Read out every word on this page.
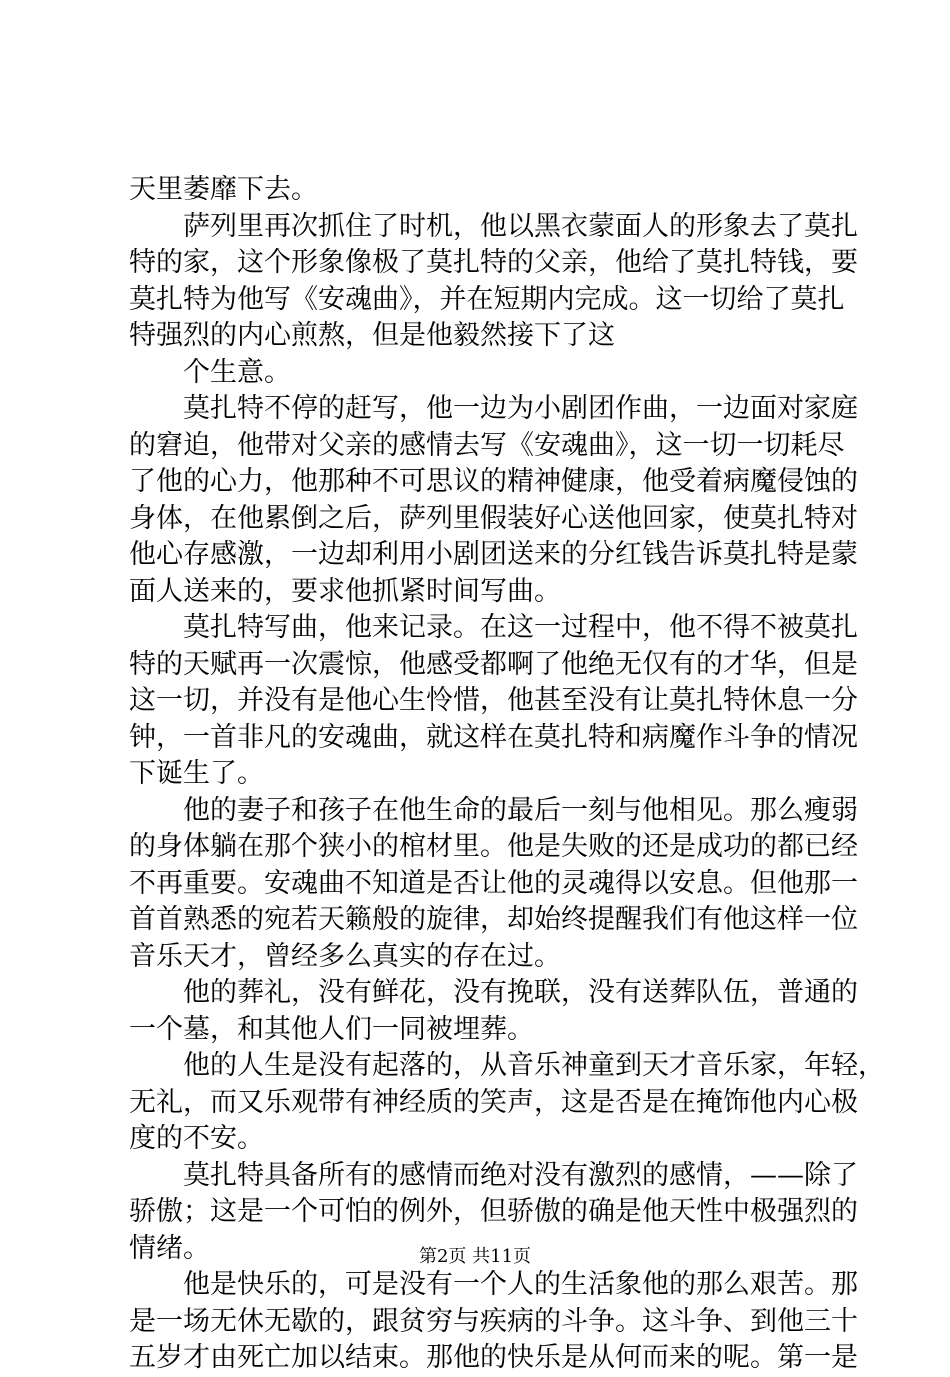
天里萎靡下去。
萨列里再次抓住了时机，他以黑衣蒙面人的形象去了莫扎
特的家，这个形象像极了莫扎特的父亲，他给了莫扎特钱，要
莫扎特为他写《安魂曲》，并在短期内完成。这一切给了莫扎
特强烈的内心煎熬，但是他毅然接下了这
个生意。
莫扎特不停的赶写，他一边为小剧团作曲，一边面对家庭
的窘迫，他带对父亲的感情去写《安魂曲》，这一切一切耗尽
了他的心力，他那种不可思议的精神健康，他受着病魔侵蚀的
身体，在他累倒之后，萨列里假装好心送他回家，使莫扎特对
他心存感激，一边却利用小剧团送来的分红钱告诉莫扎特是蒙
面人送来的，要求他抓紧时间写曲。
莫扎特写曲，他来记录。在这一过程中，他不得不被莫扎
特的天赋再一次震惊，他感受都啊了他绝无仅有的才华，但是
这一切，并没有是他心生怜惜，他甚至没有让莫扎特休息一分
钟，一首非凡的安魂曲，就这样在莫扎特和病魔作斗争的情况
下诞生了。
他的妻子和孩子在他生命的最后一刻与他相见。那么瘦弱
的身体躺在那个狭小的棺材里。他是失败的还是成功的都已经
不再重要。安魂曲不知道是否让他的灵魂得以安息。但他那一
首首熟悉的宛若天籁般的旋律，却始终提醒我们有他这样一位
音乐天才，曾经多么真实的存在过。
他的葬礼，没有鲜花，没有挽联，没有送葬队伍，普通的
一个墓，和其他人们一同被埋葬。
他的人生是没有起落的，从音乐神童到天才音乐家，年轻，
无礼，而又乐观带有神经质的笑声，这是否是在掩饰他内心极
度的不安。
莫扎特具备所有的感情而绝对没有激烈的感情，——除了
骄傲；这是一个可怕的例外，但骄傲的确是他天性中极强烈的
情绪。
他是快乐的，可是没有一个人的生活象他的那么艰苦。那
是一场无休无歇的，跟贫穷与疾病的斗争。这斗争、到他三十
五岁才由死亡加以结束。那他的快乐是从何而来的呢。第一是
第2页 共11页
